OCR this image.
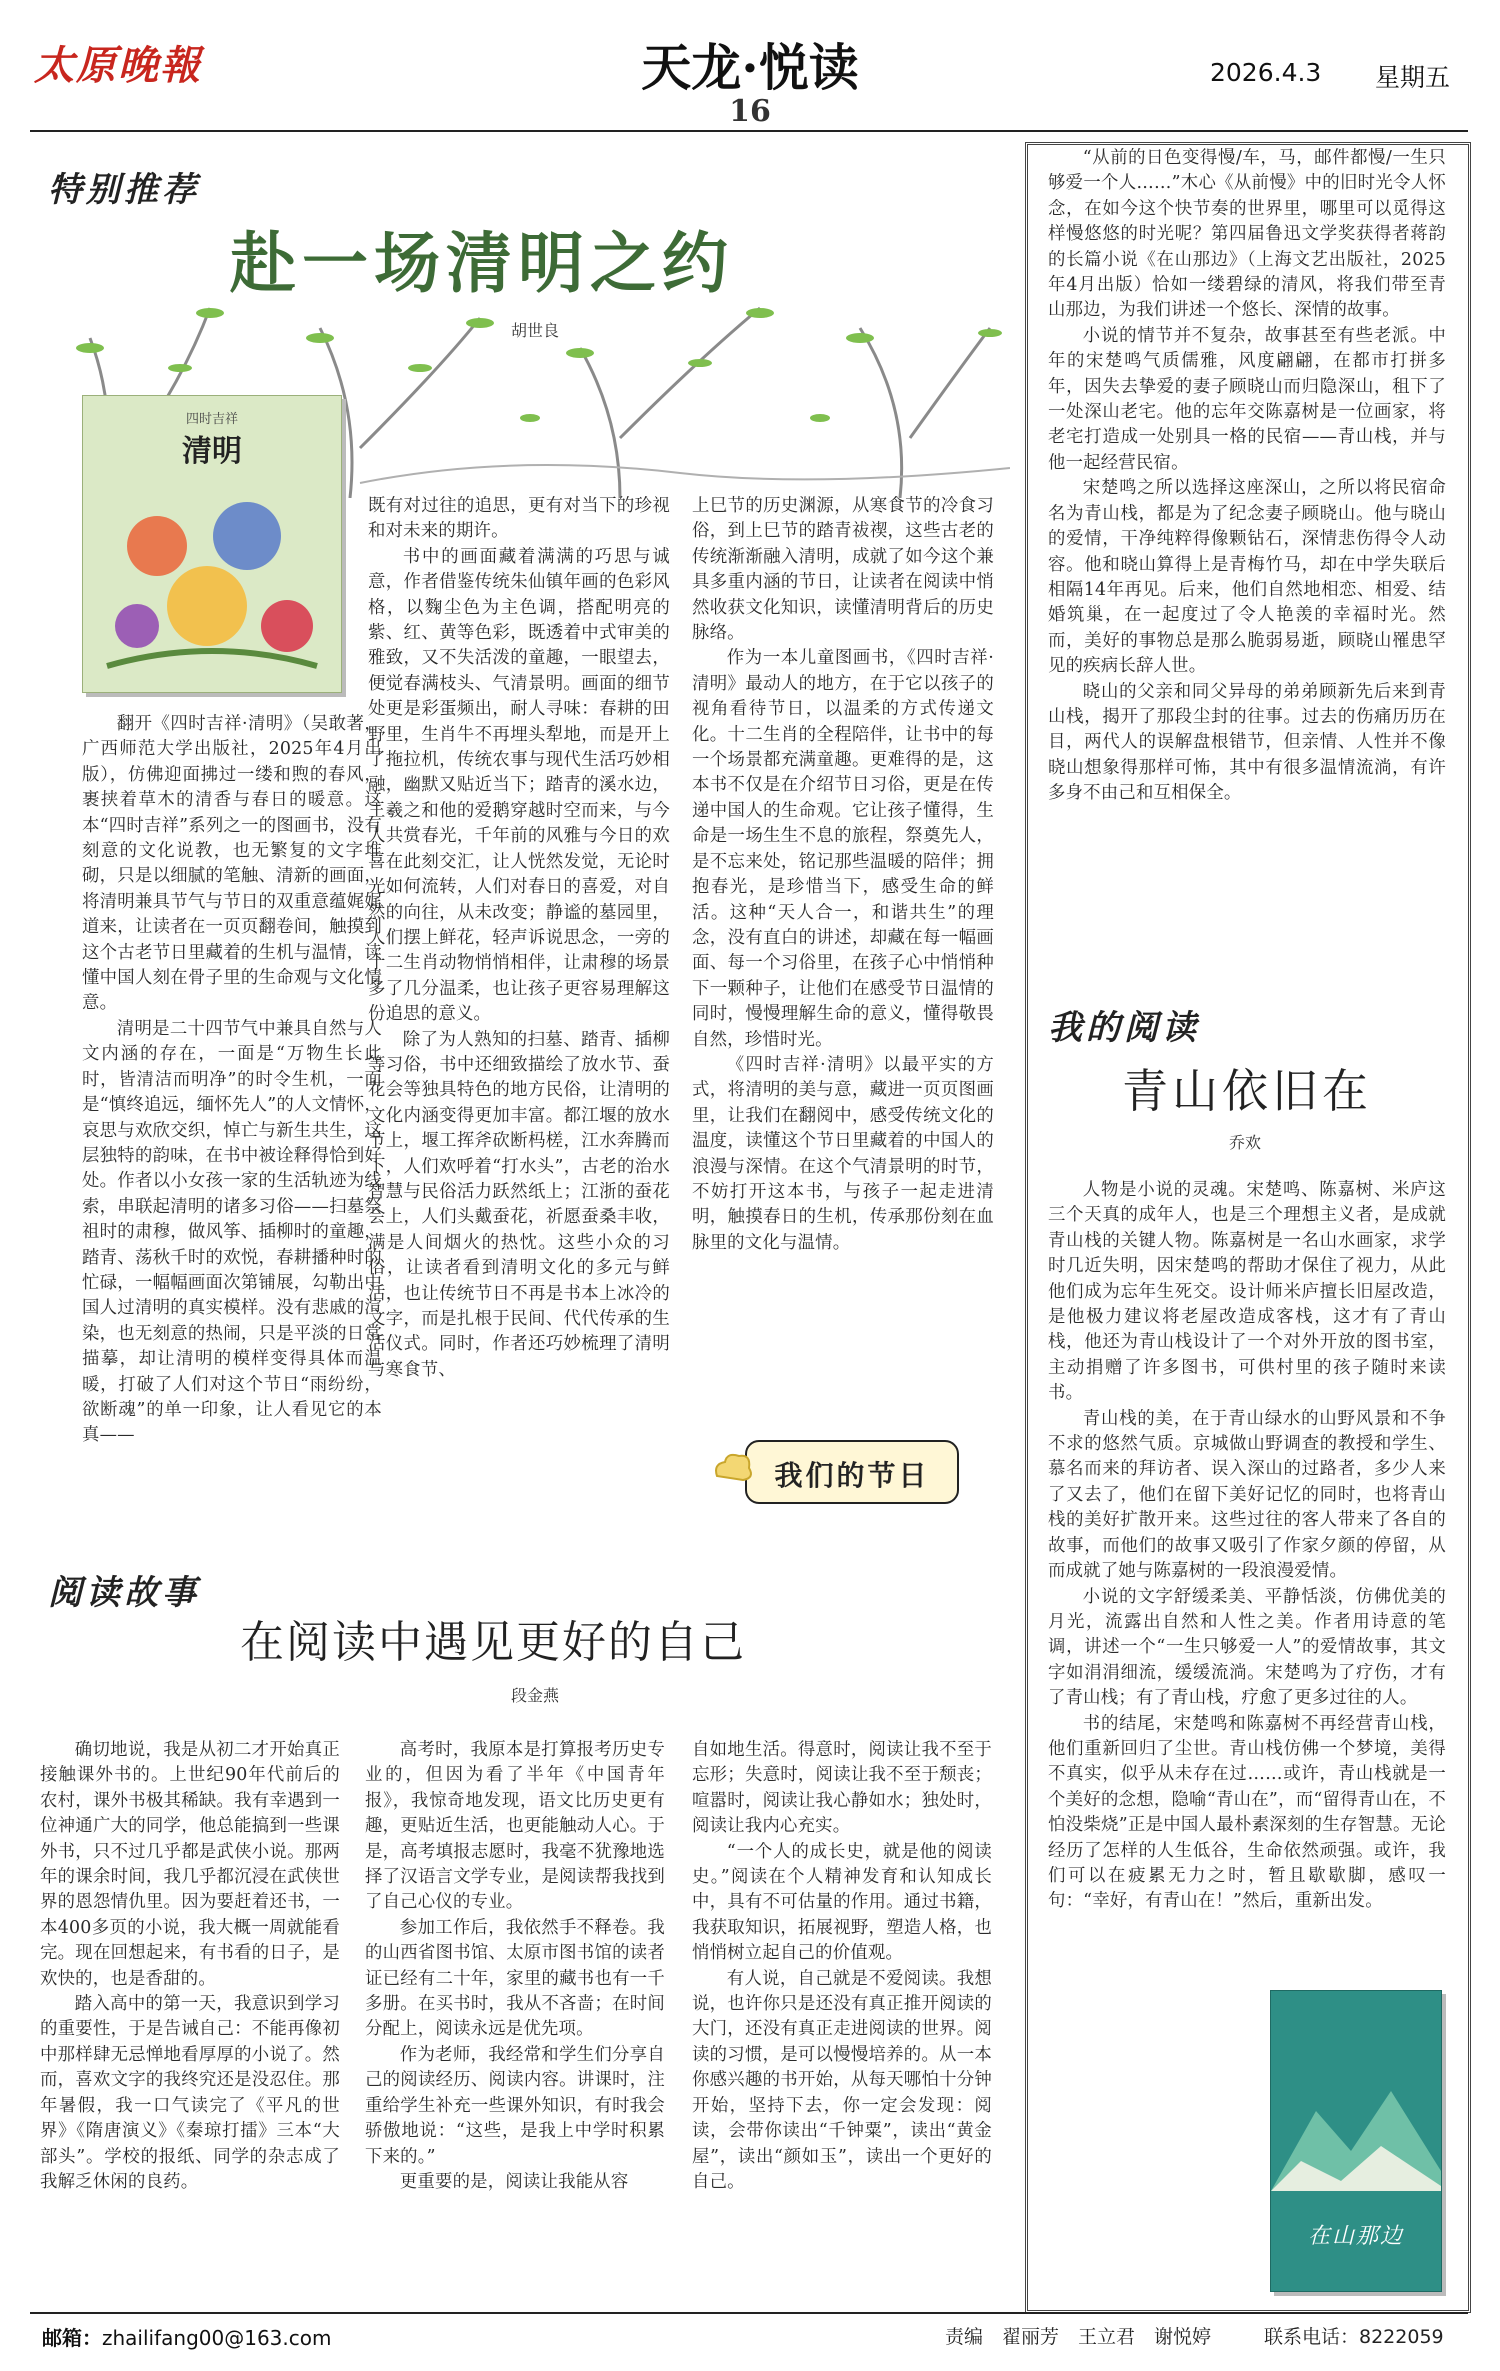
太原晚報	天龙·悦读
16
2026.4.3 星期五
特别推荐
赴一场清明之约
胡世良
四时吉祥
清明

翻开《四时吉祥·清明》（吴敢著，广西师范大学出版社，2025年4月出版），仿佛迎面拂过一缕和煦的春风，裹挟着草木的清香与春日的暖意。这本“四时吉祥”系列之一的图画书，没有刻意的文化说教，也无繁复的文字堆砌，只是以细腻的笔触、清新的画面，将清明兼具节气与节日的双重意蕴娓娓道来，让读者在一页页翻卷间，触摸到这个古老节日里藏着的生机与温情，读懂中国人刻在骨子里的生命观与文化情意。

清明是二十四节气中兼具自然与人文内涵的存在，一面是“万物生长此时，皆清洁而明净”的时令生机，一面是“慎终追远，缅怀先人”的人文情怀，哀思与欢欣交织，悼亡与新生共生，这层独特的韵味，在书中被诠释得恰到好处。作者以小女孩一家的生活轨迹为线索，串联起清明的诸多习俗——扫墓祭祖时的肃穆，做风筝、插柳时的童趣，踏青、荡秋千时的欢悦，春耕播种时的忙碌，一幅幅画面次第铺展，勾勒出中国人过清明的真实模样。没有悲戚的渲染，也无刻意的热闹，只是平淡的日常描摹，却让清明的模样变得具体而温暖，打破了人们对这个节日“雨纷纷，欲断魂”的单一印象，让人看见它的本真——

既有对过往的追思，更有对当下的珍视和对未来的期许。

书中的画面藏着满满的巧思与诚意，作者借鉴传统朱仙镇年画的色彩风格，以麴尘色为主色调，搭配明亮的紫、红、黄等色彩，既透着中式审美的雅致，又不失活泼的童趣，一眼望去，便觉春满枝头、气清景明。画面的细节处更是彩蛋频出，耐人寻味：春耕的田野里，生肖牛不再埋头犁地，而是开上了拖拉机，传统农事与现代生活巧妙相融，幽默又贴近当下；踏青的溪水边，王羲之和他的爱鹅穿越时空而来，与今人共赏春光，千年前的风雅与今日的欢喜在此刻交汇，让人恍然发觉，无论时光如何流转，人们对春日的喜爱，对自然的向往，从未改变；静谧的墓园里，人们摆上鲜花，轻声诉说思念，一旁的十二生肖动物悄悄相伴，让肃穆的场景多了几分温柔，也让孩子更容易理解这份追思的意义。

除了为人熟知的扫墓、踏青、插柳等习俗，书中还细致描绘了放水节、蚕花会等独具特色的地方民俗，让清明的文化内涵变得更加丰富。都江堰的放水节上，堰工挥斧砍断杩槎，江水奔腾而下，人们欢呼着“打水头”，古老的治水智慧与民俗活力跃然纸上；江浙的蚕花会上，人们头戴蚕花，祈愿蚕桑丰收，满是人间烟火的热忱。这些小众的习俗，让读者看到清明文化的多元与鲜活，也让传统节日不再是书本上冰冷的文字，而是扎根于民间、代代传承的生活仪式。同时，作者还巧妙梳理了清明与寒食节、

上巳节的历史渊源，从寒食节的冷食习俗，到上巳节的踏青祓禊，这些古老的传统渐渐融入清明，成就了如今这个兼具多重内涵的节日，让读者在阅读中悄然收获文化知识，读懂清明背后的历史脉络。

作为一本儿童图画书，《四时吉祥·清明》最动人的地方，在于它以孩子的视角看待节日，以温柔的方式传递文化。十二生肖的全程陪伴，让书中的每一个场景都充满童趣。更难得的是，这本书不仅是在介绍节日习俗，更是在传递中国人的生命观。它让孩子懂得，生命是一场生生不息的旅程，祭奠先人，是不忘来处，铭记那些温暖的陪伴；拥抱春光，是珍惜当下，感受生命的鲜活。这种“天人合一，和谐共生”的理念，没有直白的讲述，却藏在每一幅画面、每一个习俗里，在孩子心中悄悄种下一颗种子，让他们在感受节日温情的同时，慢慢理解生命的意义，懂得敬畏自然，珍惜时光。

《四时吉祥·清明》以最平实的方式，将清明的美与意，藏进一页页图画里，让我们在翻阅中，感受传统文化的温度，读懂这个节日里藏着的中国人的浪漫与深情。在这个气清景明的时节，不妨打开这本书，与孩子一起走进清明，触摸春日的生机，传承那份刻在血脉里的文化与温情。

我们的节日
阅读故事
在阅读中遇见更好的自己
段金燕

确切地说，我是从初二才开始真正接触课外书的。上世纪90年代前后的农村，课外书极其稀缺。我有幸遇到一位神通广大的同学，他总能搞到一些课外书，只不过几乎都是武侠小说。那两年的课余时间，我几乎都沉浸在武侠世界的恩怨情仇里。因为要赶着还书，一本400多页的小说，我大概一周就能看完。现在回想起来，有书看的日子，是欢快的，也是香甜的。

踏入高中的第一天，我意识到学习的重要性，于是告诫自己：不能再像初中那样肆无忌惮地看厚厚的小说了。然而，喜欢文字的我终究还是没忍住。那年暑假，我一口气读完了《平凡的世界》《隋唐演义》《秦琼打擂》三本“大部头”。学校的报纸、同学的杂志成了我解乏休闲的良药。

高考时，我原本是打算报考历史专业的，但因为看了半年《中国青年报》，我惊奇地发现，语文比历史更有趣，更贴近生活，也更能触动人心。于是，高考填报志愿时，我毫不犹豫地选择了汉语言文学专业，是阅读帮我找到了自己心仪的专业。

参加工作后，我依然手不释卷。我的山西省图书馆、太原市图书馆的读者证已经有二十年，家里的藏书也有一千多册。在买书时，我从不吝啬；在时间分配上，阅读永远是优先项。

作为老师，我经常和学生们分享自己的阅读经历、阅读内容。讲课时，注重给学生补充一些课外知识，有时我会骄傲地说：“这些，是我上中学时积累下来的。”

更重要的是，阅读让我能从容

自如地生活。得意时，阅读让我不至于忘形；失意时，阅读让我不至于颓丧；喧嚣时，阅读让我心静如水；独处时，阅读让我内心充实。

“一个人的成长史，就是他的阅读史。”阅读在个人精神发育和认知成长中，具有不可估量的作用。通过书籍，我获取知识，拓展视野，塑造人格，也悄悄树立起自己的价值观。

有人说，自己就是不爱阅读。我想说，也许你只是还没有真正推开阅读的大门，还没有真正走进阅读的世界。阅读的习惯，是可以慢慢培养的。从一本你感兴趣的书开始，从每天哪怕十分钟开始，坚持下去，你一定会发现：阅读，会带你读出“千钟粟”，读出“黄金屋”，读出“颜如玉”，读出一个更好的自己。

“从前的日色变得慢/车，马，邮件都慢/一生只够爱一个人……”木心《从前慢》中的旧时光令人怀念，在如今这个快节奏的世界里，哪里可以觅得这样慢悠悠的时光呢？第四届鲁迅文学奖获得者蒋韵的长篇小说《在山那边》（上海文艺出版社，2025年4月出版）恰如一缕碧绿的清风，将我们带至青山那边，为我们讲述一个悠长、深情的故事。

小说的情节并不复杂，故事甚至有些老派。中年的宋楚鸣气质儒雅，风度翩翩，在都市打拼多年，因失去挚爱的妻子顾晓山而归隐深山，租下了一处深山老宅。他的忘年交陈嘉树是一位画家，将老宅打造成一处别具一格的民宿——青山栈，并与他一起经营民宿。

宋楚鸣之所以选择这座深山，之所以将民宿命名为青山栈，都是为了纪念妻子顾晓山。他与晓山的爱情，干净纯粹得像颗钻石，深情悲伤得令人动容。他和晓山算得上是青梅竹马，却在中学失联后相隔14年再见。后来，他们自然地相恋、相爱、结婚筑巢，在一起度过了令人艳羡的幸福时光。然而，美好的事物总是那么脆弱易逝，顾晓山罹患罕见的疾病长辞人世。

晓山的父亲和同父异母的弟弟顾新先后来到青山栈，揭开了那段尘封的往事。过去的伤痛历历在目，两代人的误解盘根错节，但亲情、人性并不像晓山想象得那样可怖，其中有很多温情流淌，有许多身不由己和互相保全。

我的阅读
青山依旧在
乔欢

人物是小说的灵魂。宋楚鸣、陈嘉树、米庐这三个天真的成年人，也是三个理想主义者，是成就青山栈的关键人物。陈嘉树是一名山水画家，求学时几近失明，因宋楚鸣的帮助才保住了视力，从此他们成为忘年生死交。设计师米庐擅长旧屋改造，是他极力建议将老屋改造成客栈，这才有了青山栈，他还为青山栈设计了一个对外开放的图书室，主动捐赠了许多图书，可供村里的孩子随时来读书。

青山栈的美，在于青山绿水的山野风景和不争不求的悠然气质。京城做山野调查的教授和学生、慕名而来的拜访者、误入深山的过路者，多少人来了又去了，他们在留下美好记忆的同时，也将青山栈的美好扩散开来。这些过往的客人带来了各自的故事，而他们的故事又吸引了作家夕颜的停留，从而成就了她与陈嘉树的一段浪漫爱情。

小说的文字舒缓柔美、平静恬淡，仿佛优美的月光，流露出自然和人性之美。作者用诗意的笔调，讲述一个“一生只够爱一人”的爱情故事，其文字如涓涓细流，缓缓流淌。宋楚鸣为了疗伤，才有了青山栈；有了青山栈，疗愈了更多过往的人。

书的结尾，宋楚鸣和陈嘉树不再经营青山栈，他们重新回归了尘世。青山栈仿佛一个梦境，美得不真实，似乎从未存在过……或许，青山栈就是一个美好的念想，隐喻“青山在”，而“留得青山在，不怕没柴烧”正是中国人最朴素深刻的生存智慧。无论经历了怎样的人生低谷，生命依然顽强。或许，我们可以在疲累无力之时，暂且歇歇脚，感叹一句：“幸好，有青山在！”然后，重新出发。

在山那边
邮箱：zhailifang00@163.com	责编　翟丽芳　王立君　谢悦婷	联系电话：8222059
